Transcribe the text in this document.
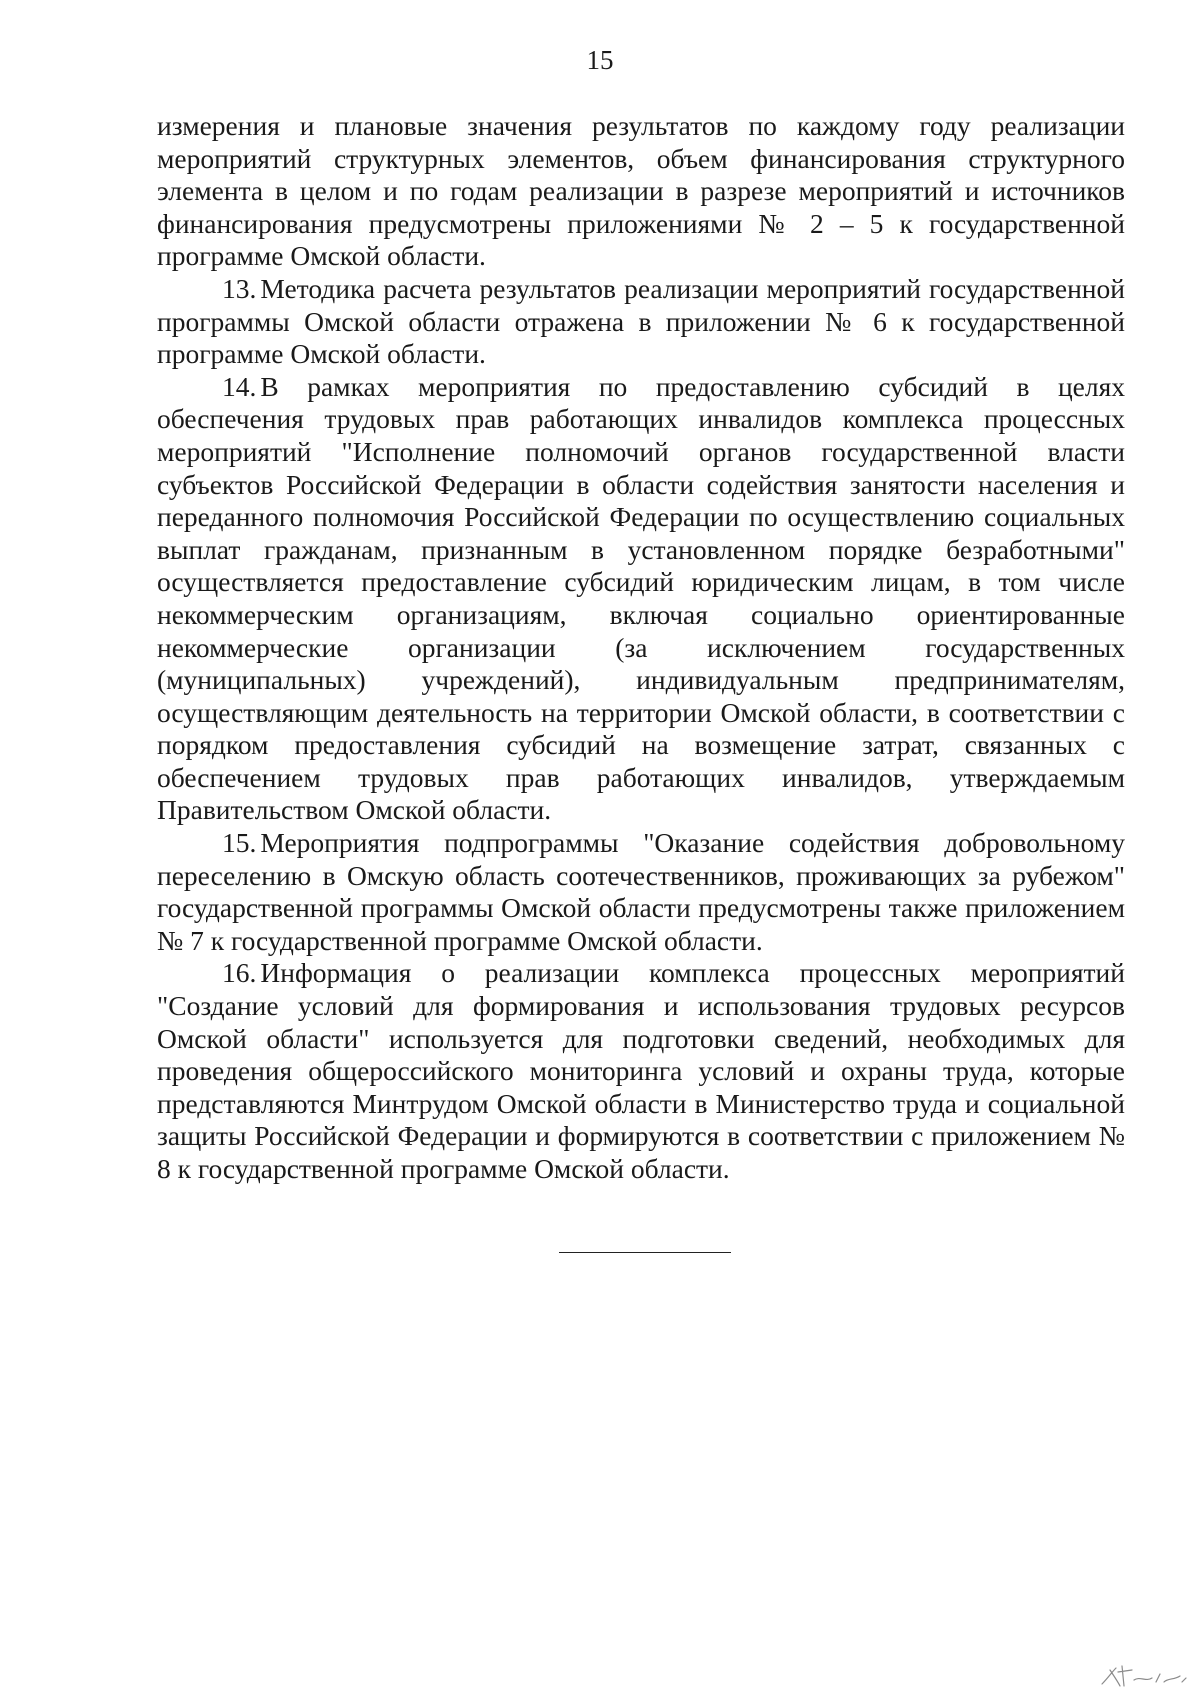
15

измерения и плановые значения результатов по каждому году реализации мероприятий структурных элементов, объем финансирования структурного элемента в целом и по годам реализации в разрезе мероприятий и источников финансирования предусмотрены приложениями № 2 – 5 к государственной программе Омской области.

13. Методика расчета результатов реализации мероприятий государственной программы Омской области отражена в приложении № 6 к государственной программе Омской области.

14. В рамках мероприятия по предоставлению субсидий в целях обеспечения трудовых прав работающих инвалидов комплекса процессных мероприятий "Исполнение полномочий органов государственной власти субъектов Российской Федерации в области содействия занятости населения и переданного полномочия Российской Федерации по осуществлению социальных выплат гражданам, признанным в установленном порядке безработными" осуществляется предоставление субсидий юридическим лицам, в том числе некоммерческим организациям, включая социально ориентированные некоммерческие организации (за исключением государственных (муниципальных) учреждений), индивидуальным предпринимателям, осуществляющим деятельность на территории Омской области, в соответствии с порядком предоставления субсидий на возмещение затрат, связанных с обеспечением трудовых прав работающих инвалидов, утверждаемым Правительством Омской области.

15. Мероприятия подпрограммы "Оказание содействия добровольному переселению в Омскую область соотечественников, проживающих за рубежом" государственной программы Омской области предусмотрены также приложением № 7 к государственной программе Омской области.

16. Информация о реализации комплекса процессных мероприятий "Создание условий для формирования и использования трудовых ресурсов Омской области" используется для подготовки сведений, необходимых для проведения общероссийского мониторинга условий и охраны труда, которые представляются Минтрудом Омской области в Министерство труда и социальной защиты Российской Федерации и формируются в соответствии с приложением № 8 к государственной программе Омской области.
